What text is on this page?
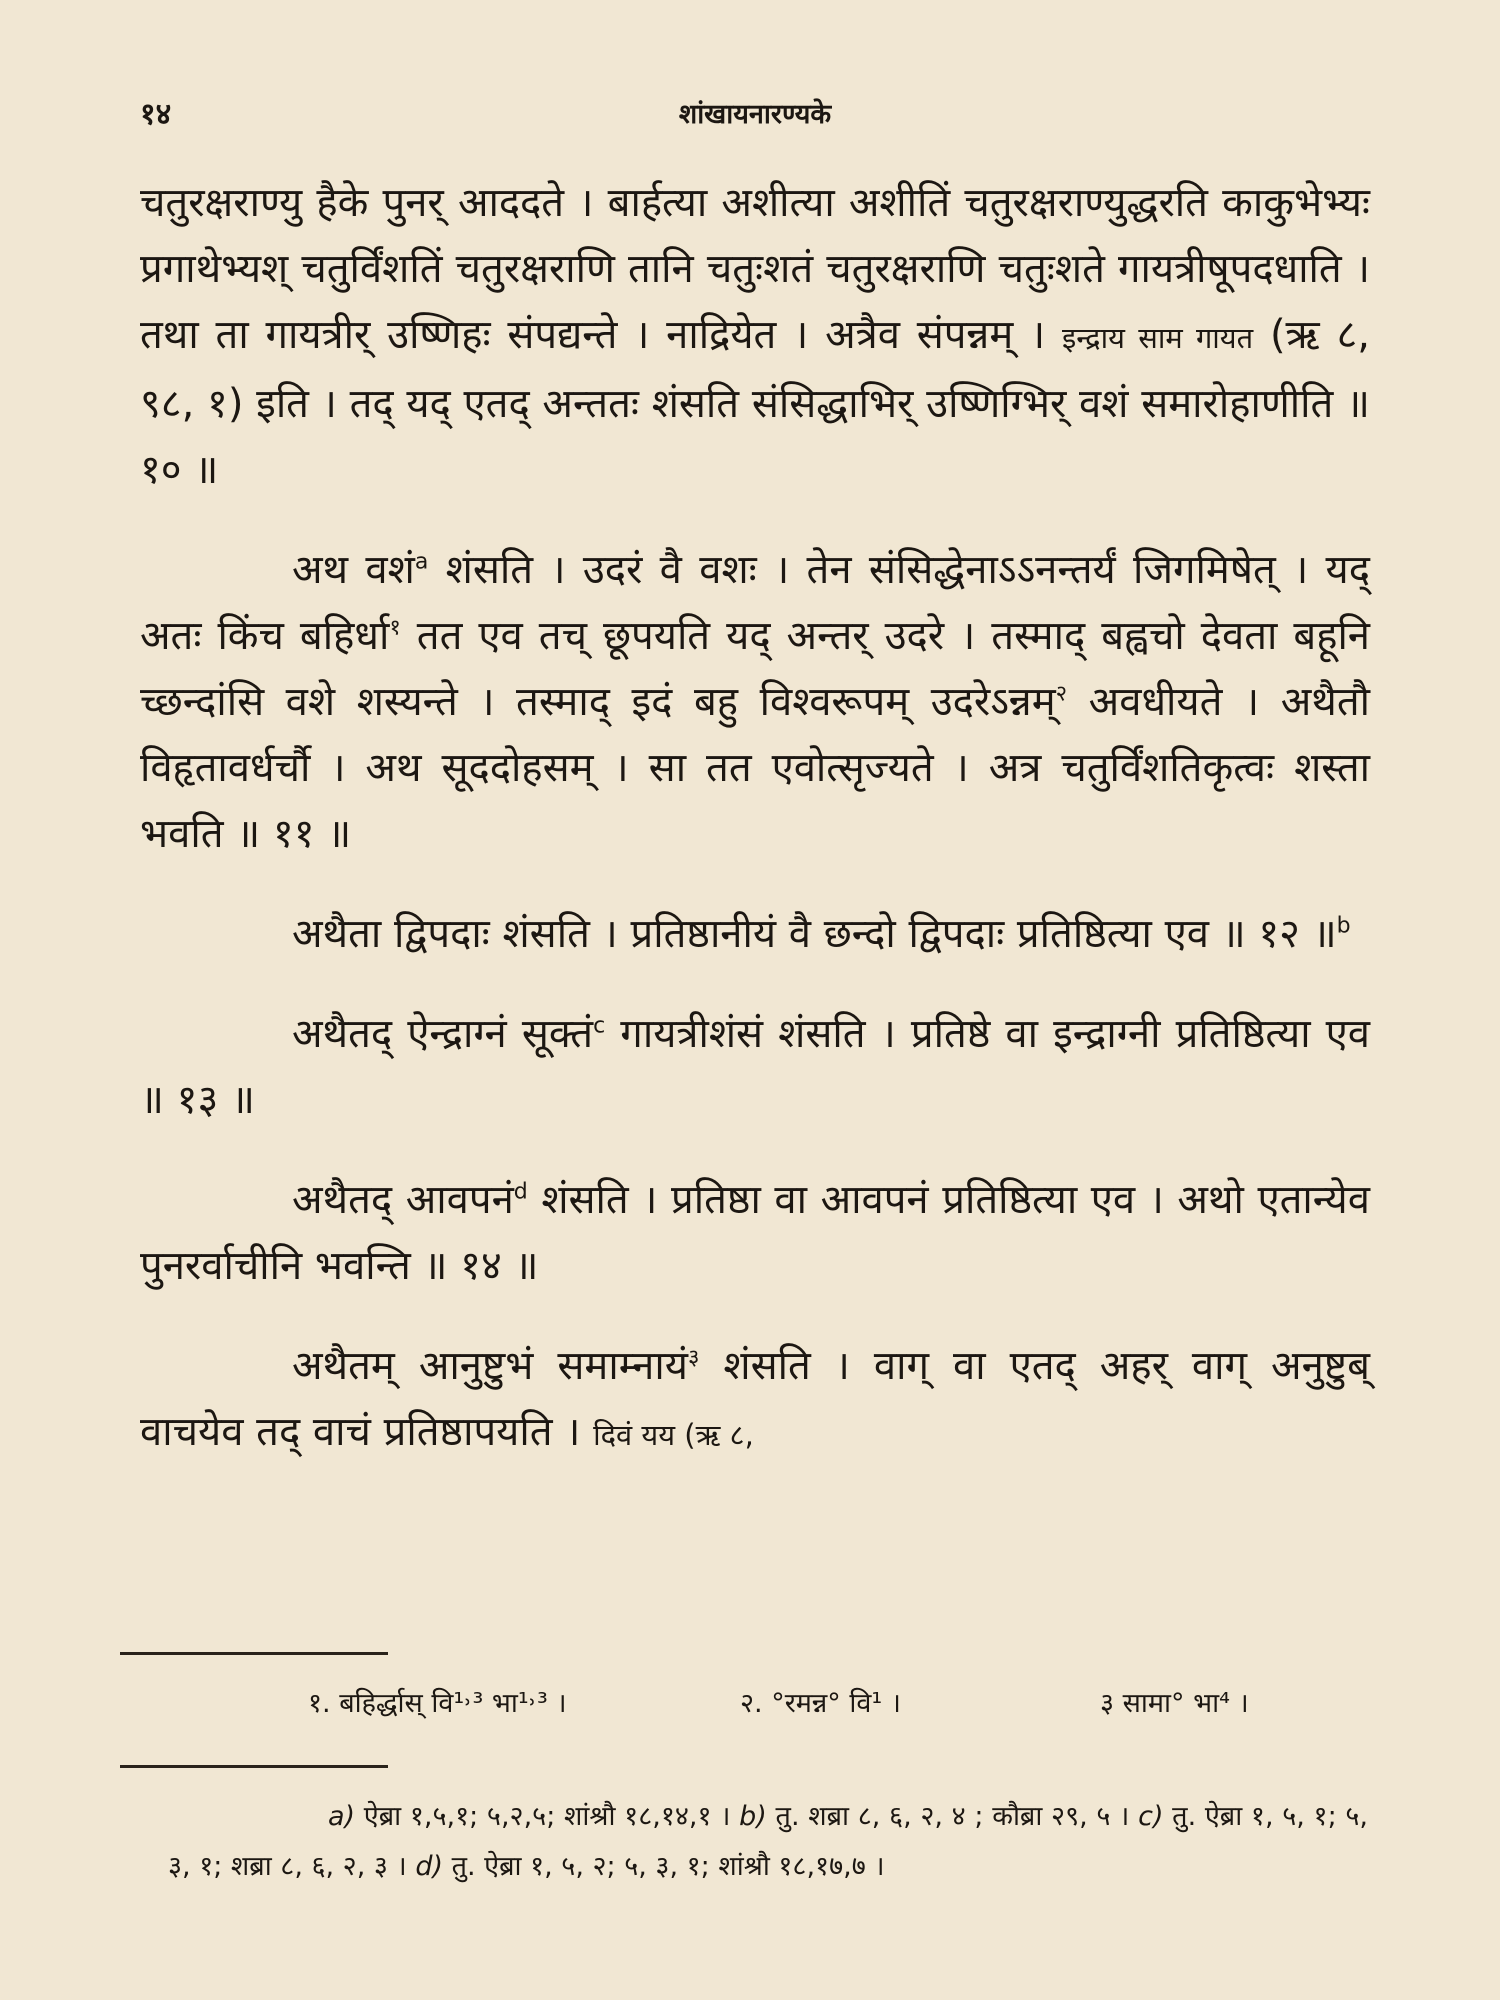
१४	शांखायनारण्यके
चतुरक्षराण्यु हैके पुनर् आददते । बार्हत्या अशीत्या अशीतिं चतुरक्षराण्युद्धरति काकुभेभ्यः प्रगाथेभ्यश् चतुर्विंशतिं चतुरक्षराणि तानि चतुःशतं चतुरक्षराणि चतुःशते गायत्रीषूपदधाति । तथा ता गायत्रीर् उष्णिहः संपद्यन्ते । नाद्रियेत । अत्रैव संपन्नम् । इन्द्राय साम गायत (ऋ ८, ९८, १) इति । तद् यद् एतद् अन्ततः शंसति संसिद्धाभिर् उष्णिग्भिर् वशं समारोहाणीति ॥ १० ॥
अथ वशं$^a$ शंसति । उदरं वै वशः । तेन संसिद्धेनाऽऽनन्तर्यं जिगमिषेत् । यद् अतः किंच बहिर्धा$^१$ तत एव तच् छूपयति यद् अन्तर् उदरे । तस्माद् बह्वचो देवता बहूनि च्छन्दांसि वशे शस्यन्ते । तस्माद् इदं बहु विश्वरूपम् उदरेऽन्नम्$^२$ अवधीयते । अथैतौ विहृतावर्धर्चौ । अथ सूददोहसम् । सा तत एवोत्सृज्यते । अत्र चतुर्विंशतिकृत्वः शस्ता भवति ॥ ११ ॥
अथैता द्विपदाः शंसति । प्रतिष्ठानीयं वै छन्दो द्विपदाः प्रतिष्ठित्या एव ॥ १२ ॥$^b$
अथैतद् ऐन्द्राग्नं सूक्तं$^c$ गायत्रीशंसं शंसति । प्रतिष्ठे वा इन्द्राग्नी प्रतिष्ठित्या एव ॥ १३ ॥
अथैतद् आवपनं$^d$ शंसति । प्रतिष्ठा वा आवपनं प्रतिष्ठित्या एव । अथो एतान्येव पुनरर्वाचीनि भवन्ति ॥ १४ ॥
अथैतम् आनुष्टुभं समाम्नायं$^३$ शंसति । वाग् वा एतद् अहर् वाग् अनुष्टुब् वाचयेव तद् वाचं प्रतिष्ठापयति । दिवं यय (ऋ ८,
१. बहिर्द्धास् वि¹˒³ भा¹˒³ ।	२. °रमन्न° वि¹ ।	३ सामा° भा⁴ ।
a) ऐब्रा १,५,१; ५,२,५; शांश्रौ १८,१४,१ । b) तु. शब्रा ८, ६, २, ४ ; कौब्रा २९, ५ । c) तु. ऐब्रा १, ५, १; ५, ३, १; शब्रा ८, ६, २, ३ । d) तु. ऐब्रा १, ५, २; ५, ३, १; शांश्रौ १८,१७,७ ।
